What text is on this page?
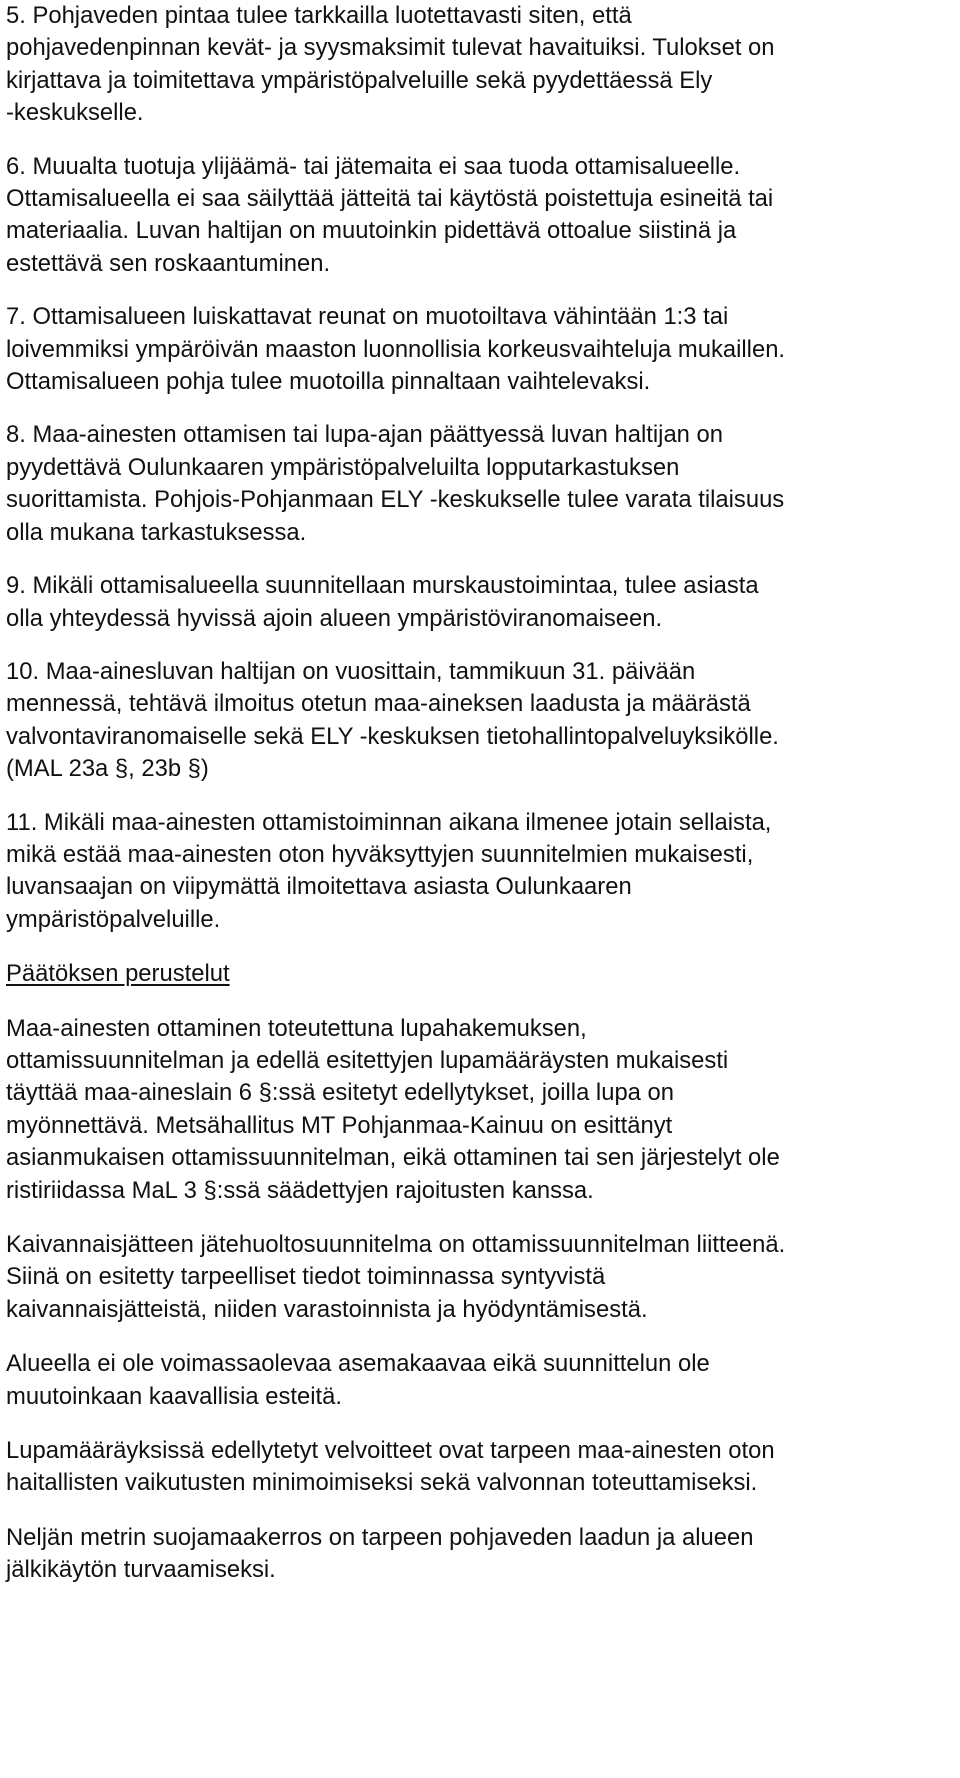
5. Pohjaveden pintaa tulee tarkkailla luotettavasti siten, että
pohjavedenpinnan kevät- ja syysmaksimit tulevat havaituiksi. Tulokset on
kirjattava ja toimitettava ympäristöpalveluille sekä pyydettäessä Ely
-keskukselle.
6. Muualta tuotuja ylijäämä- tai jätemaita ei saa tuoda ottamisalueelle.
Ottamisalueella ei saa säilyttää jätteitä tai käytöstä poistettuja esineitä tai
materiaalia. Luvan haltijan on muutoinkin pidettävä ottoalue siistinä ja
estettävä sen roskaantuminen.
7. Ottamisalueen luiskattavat reunat on muotoiltava vähintään 1:3 tai
loivemmiksi ympäröivän maaston luonnollisia korkeusvaihteluja mukaillen.
Ottamisalueen pohja tulee muotoilla pinnaltaan vaihtelevaksi.
8. Maa-ainesten ottamisen tai lupa-ajan päättyessä luvan haltijan on
pyydettävä Oulunkaaren ympäristöpalveluilta lopputarkastuksen
suorittamista. Pohjois-Pohjanmaan ELY -keskukselle tulee varata tilaisuus
olla mukana tarkastuksessa.
9. Mikäli ottamisalueella suunnitellaan murskaustoimintaa, tulee asiasta
olla yhteydessä hyvissä ajoin alueen ympäristöviranomaiseen.
10. Maa-ainesluvan haltijan on vuosittain, tammikuun 31. päivään
mennessä, tehtävä ilmoitus otetun maa-aineksen laadusta ja määrästä
valvontaviranomaiselle sekä ELY -keskuksen tietohallintopalveluyksikölle.
(MAL 23a §, 23b §)
11. Mikäli maa-ainesten ottamistoiminnan aikana ilmenee jotain sellaista,
mikä estää maa-ainesten oton hyväksyttyjen suunnitelmien mukaisesti,
luvansaajan on viipymättä ilmoitettava asiasta Oulunkaaren
ympäristöpalveluille.
Päätöksen perustelut
Maa-ainesten ottaminen toteutettuna lupahakemuksen,
ottamissuunnitelman ja edellä esitettyjen lupamääräysten mukaisesti
täyttää maa-aineslain 6 §:ssä esitetyt edellytykset, joilla lupa on
myönnettävä. Metsähallitus MT Pohjanmaa-Kainuu on esittänyt
asianmukaisen ottamissuunnitelman, eikä ottaminen tai sen järjestelyt ole
ristiriidassa MaL 3 §:ssä säädettyjen rajoitusten kanssa.
Kaivannaisjätteen jätehuoltosuunnitelma on ottamissuunnitelman liitteenä.
Siinä on esitetty tarpeelliset tiedot toiminnassa syntyvistä
kaivannaisjätteistä, niiden varastoinnista ja hyödyntämisestä.
Alueella ei ole voimassaolevaa asemakaavaa eikä suunnittelun ole
muutoinkaan kaavallisia esteitä.
Lupamääräyksissä edellytetyt velvoitteet ovat tarpeen maa-ainesten oton
haitallisten vaikutusten minimoimiseksi sekä valvonnan toteuttamiseksi.
Neljän metrin suojamaakerros on tarpeen pohjaveden laadun ja alueen
jälkikäytön turvaamiseksi.
